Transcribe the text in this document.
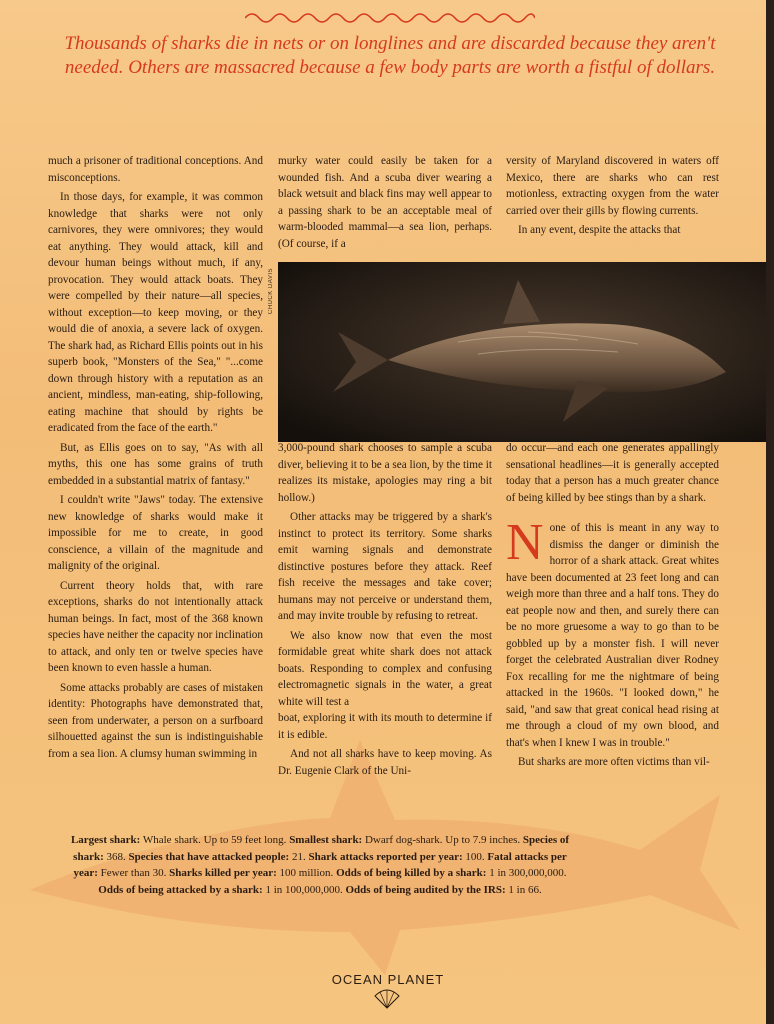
Thousands of sharks die in nets or on longlines and are discarded because they aren't needed. Others are massacred because a few body parts are worth a fistful of dollars.

much a prisoner of traditional conceptions. And misconceptions.

In those days, for example, it was common knowledge that sharks were not only carnivores, they were omnivores; they would eat anything. They would attack, kill and devour human beings without much, if any, provocation. They would attack boats. They were compelled by their nature—all species, without exception—to keep moving, or they would die of anoxia, a severe lack of oxygen. The shark had, as Richard Ellis points out in his superb book, "Monsters of the Sea," "...come down through history with a reputation as an ancient, mindless, man-eating, ship-following, eating machine that should by rights be eradicated from the face of the earth."

But, as Ellis goes on to say, "As with all myths, this one has some grains of truth embedded in a substantial matrix of fantasy."

I couldn't write "Jaws" today. The extensive new knowledge of sharks would make it impossible for me to create, in good conscience, a villain of the magnitude and malignity of the original.

Current theory holds that, with rare exceptions, sharks do not intentionally attack human beings. In fact, most of the 368 known species have neither the capacity nor inclination to attack, and only ten or twelve species have been known to even hassle a human.

Some attacks probably are cases of mistaken identity: Photographs have demonstrated that, seen from underwater, a person on a surfboard silhouetted against the sun is indistinguishable from a sea lion. A clumsy human swimming in

murky water could easily be taken for a wounded fish. And a scuba diver wearing a black wetsuit and black fins may well appear to a passing shark to be an acceptable meal of warm-blooded mammal—a sea lion, perhaps. (Of course, if a

versity of Maryland discovered in waters off Mexico, there are sharks who can rest motionless, extracting oxygen from the water carried over their gills by flowing currents.

In any event, despite the attacks that

CHUCK DAVIS

3,000-pound shark chooses to sample a scuba diver, believing it to be a sea lion, by the time it realizes its mistake, apologies may ring a bit hollow.)

Other attacks may be triggered by a shark's instinct to protect its territory. Some sharks emit warning signals and demonstrate distinctive postures before they attack. Reef fish receive the messages and take cover; humans may not perceive or understand them, and may invite trouble by refusing to retreat.

We also know now that even the most formidable great white shark does not attack boats. Responding to complex and confusing electromagnetic signals in the water, a great white will test a

boat, exploring it with its mouth to determine if it is edible.

And not all sharks have to keep moving. As Dr. Eugenie Clark of the Uni-

do occur—and each one generates appallingly sensational headlines—it is generally accepted today that a person has a much greater chance of being killed by bee stings than by a shark.

None of this is meant in any way to dismiss the danger or diminish the horror of a shark attack. Great whites have been documented at 23 feet long and can weigh more than three and a half tons. They do eat people now and then, and surely there can be no more gruesome a way to go than to be gobbled up by a monster fish. I will never forget the celebrated Australian diver Rodney Fox recalling for me the nightmare of being attacked in the 1960s. "I looked down," he said, "and saw that great conical head rising at me through a cloud of my own blood, and that's when I knew I was in trouble."

But sharks are more often victims than vil-

Largest shark: Whale shark. Up to 59 feet long. Smallest shark: Dwarf dog-shark. Up to 7.9 inches. Species of shark: 368. Species that have attacked people: 21. Shark attacks reported per year: 100. Fatal attacks per year: Fewer than 30. Sharks killed per year: 100 million. Odds of being killed by a shark: 1 in 300,000,000. Odds of being attacked by a shark: 1 in 100,000,000. Odds of being audited by the IRS: 1 in 66.
OCEAN PLANET
